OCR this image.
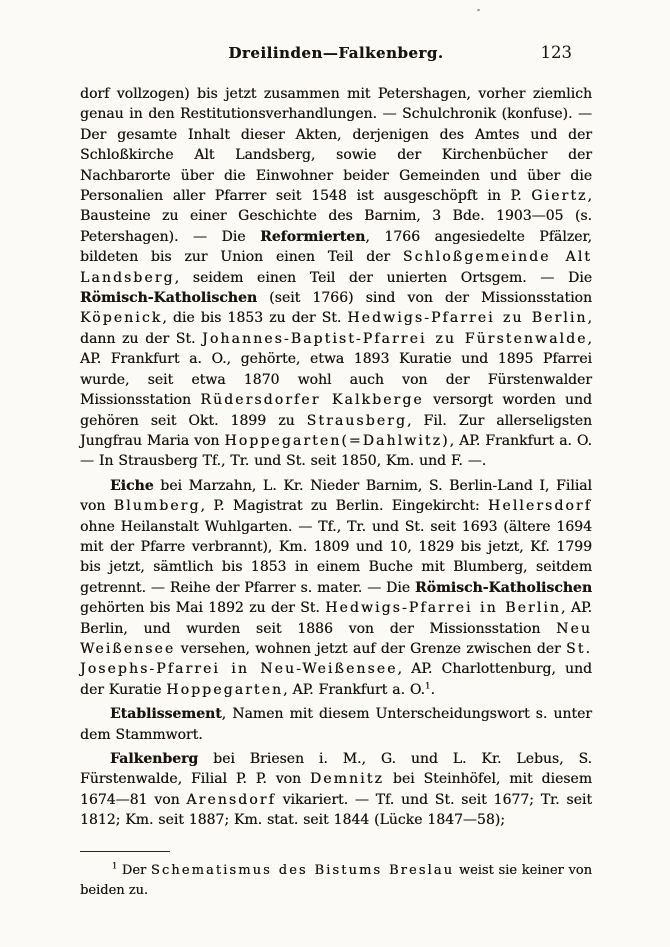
Dreilinden—Falkenberg.	123

dorf vollzogen) bis jetzt zusammen mit Petershagen, vorher ziemlich genau in den Restitutionsverhandlungen. — Schulchronik (konfuse). — Der gesamte Inhalt dieser Akten, derjenigen des Amtes und der Schloßkirche Alt Landsberg, sowie der Kirchenbücher der Nachbarorte über die Einwohner beider Gemeinden und über die Personalien aller Pfarrer seit 1548 ist ausgeschöpft in P. Giertz, Bausteine zu einer Geschichte des Barnim, 3 Bde. 1903—05 (s. Petershagen). — Die Reformierten, 1766 angesiedelte Pfälzer, bildeten bis zur Union einen Teil der Schloßgemeinde Alt Landsberg, seidem einen Teil der unierten Ortsgem. — Die Römisch-Katholischen (seit 1766) sind von der Missionsstation Köpenick, die bis 1853 zu der St. Hedwigs-Pfarrei zu Berlin, dann zu der St. Johannes-Baptist-Pfarrei zu Fürstenwalde, AP. Frankfurt a. O., gehörte, etwa 1893 Kuratie und 1895 Pfarrei wurde, seit etwa 1870 wohl auch von der Fürstenwalder Missionsstation Rüdersdorfer Kalkberge versorgt worden und gehören seit Okt. 1899 zu Strausberg, Fil. Zur allerseligsten Jungfrau Maria von Hoppegarten(=Dahlwitz), AP. Frankfurt a. O. — In Strausberg Tf., Tr. und St. seit 1850, Km. und F. —.

Eiche bei Marzahn, L. Kr. Nieder Barnim, S. Berlin-Land I, Filial von Blumberg, P. Magistrat zu Berlin. Eingekircht: Hellersdorf ohne Heilanstalt Wuhlgarten. — Tf., Tr. und St. seit 1693 (ältere 1694 mit der Pfarre verbrannt), Km. 1809 und 10, 1829 bis jetzt, Kf. 1799 bis jetzt, sämtlich bis 1853 in einem Buche mit Blumberg, seitdem getrennt. — Reihe der Pfarrer s. mater. — Die Römisch-Katholischen gehörten bis Mai 1892 zu der St. Hedwigs-Pfarrei in Berlin, AP. Berlin, und wurden seit 1886 von der Missionsstation Neu Weißensee versehen, wohnen jetzt auf der Grenze zwischen der St. Josephs-Pfarrei in Neu-Weißensee, AP. Charlottenburg, und der Kuratie Hoppegarten, AP. Frankfurt a. O.$^1$.

Etablissement, Namen mit diesem Unterscheidungswort s. unter dem Stammwort.

Falkenberg bei Briesen i. M., G. und L. Kr. Lebus, S. Fürstenwalde, Filial P. P. von Demnitz bei Steinhöfel, mit diesem 1674—81 von Arensdorf vikariert. — Tf. und St. seit 1677; Tr. seit 1812; Km. seit 1887; Km. stat. seit 1844 (Lücke 1847—58);

$^1$ Der Schematismus des Bistums Breslau weist sie keiner von beiden zu.
